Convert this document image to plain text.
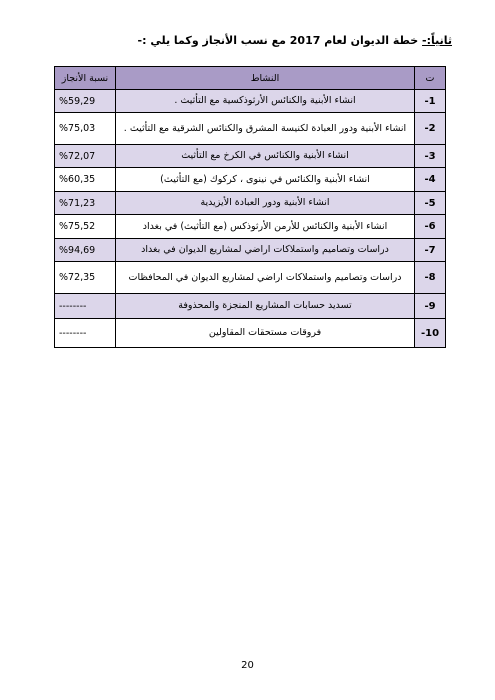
ثانياً:- خطة الديوان لعام 2017 مع نسب الأنجاز وكما يلي :-
ت	النشاط	نسبة الأنجاز
1-	انشاء الأبنية والكنائس الأرثوذكسية مع التأثيث .	%59,29
2-	انشاء الأبنية ودور العبادة لكنيسة المشرق والكنائس الشرقية مع التأثيث .	%75,03
3-	انشاء الأبنية والكنائس في الكرخ مع التأثيث	%72,07
4-	انشاء الأبنية والكنائس في نينوى ، كركوك (مع التأثيث)	%60,35
5-	انشاء الأبنية ودور العبادة الأيزيدية	%71,23
6-	انشاء الأبنية والكنائس للأرمن الأرثوذكس (مع التأثيث) في بغداد	%75,52
7-	دراسات وتصاميم واستملاكات اراضي لمشاريع الديوان في بغداد	%94,69
8-	دراسات وتصاميم واستملاكات اراضي لمشاريع الديوان في المحافظات	%72,35
9-	تسديد حسابات المشاريع المنجزة والمحذوفة	--------
10-	فروقات مستحقات المقاولين	--------
20
